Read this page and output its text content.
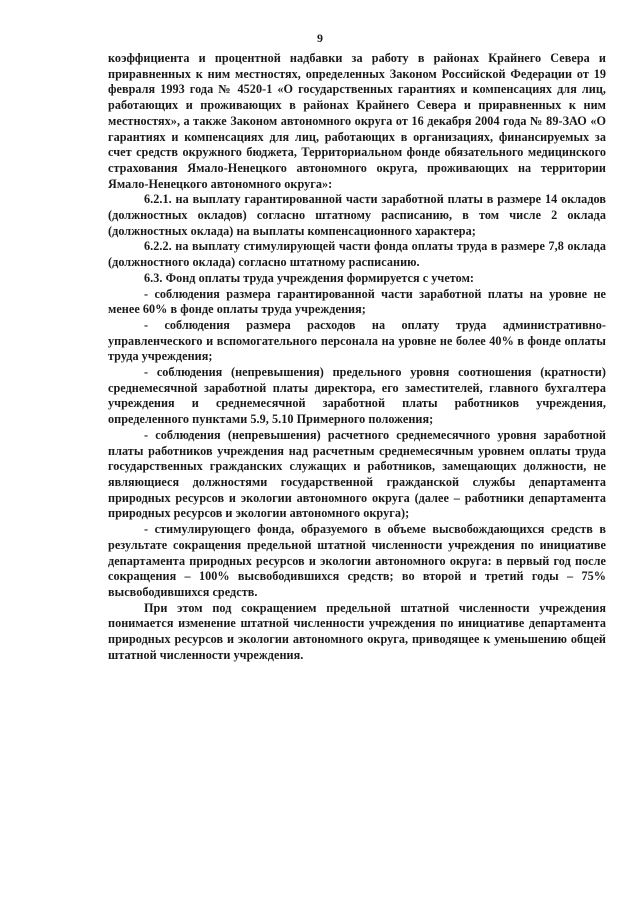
9

коэффициента и процентной надбавки за работу в районах Крайнего Севера и приравненных к ним местностях, определенных Законом Российской Федерации от 19 февраля 1993 года № 4520-1 «О государственных гарантиях и компенсациях для лиц, работающих и проживающих в районах Крайнего Севера и приравненных к ним местностях», а также Законом автономного округа от 16 декабря 2004 года № 89-ЗАО «О гарантиях и компенсациях для лиц, работающих в организациях, финансируемых за счет средств окружного бюджета, Территориальном фонде обязательного медицинского страхования Ямало-Ненецкого автономного округа, проживающих на территории Ямало-Ненецкого автономного округа»:

6.2.1. на выплату гарантированной части заработной платы в размере 14 окладов (должностных окладов) согласно штатному расписанию, в том числе 2 оклада (должностных оклада) на выплаты компенсационного характера;

6.2.2. на выплату стимулирующей части фонда оплаты труда в размере 7,8 оклада (должностного оклада) согласно штатному расписанию.

6.3. Фонд оплаты труда учреждения формируется с учетом:

- соблюдения размера гарантированной части заработной платы на уровне не менее 60% в фонде оплаты труда учреждения;

- соблюдения размера расходов на оплату труда административно-управленческого и вспомогательного персонала на уровне не более 40% в фонде оплаты труда учреждения;

- соблюдения (непревышения) предельного уровня соотношения (кратности) среднемесячной заработной платы директора, его заместителей, главного бухгалтера учреждения и среднемесячной заработной платы работников учреждения, определенного пунктами 5.9, 5.10 Примерного положения;

- соблюдения (непревышения) расчетного среднемесячного уровня заработной платы работников учреждения над расчетным среднемесячным уровнем оплаты труда государственных гражданских служащих и работников, замещающих должности, не являющиеся должностями государственной гражданской службы департамента природных ресурсов и экологии автономного округа (далее – работники департамента природных ресурсов и экологии автономного округа);

- стимулирующего фонда, образуемого в объеме высвобождающихся средств в результате сокращения предельной штатной численности учреждения по инициативе департамента природных ресурсов и экологии автономного округа: в первый год после сокращения – 100% высвободившихся средств; во второй и третий годы – 75% высвободившихся средств.

При этом под сокращением предельной штатной численности учреждения понимается изменение штатной численности учреждения по инициативе департамента природных ресурсов и экологии автономного округа, приводящее к уменьшению общей штатной численности учреждения.
